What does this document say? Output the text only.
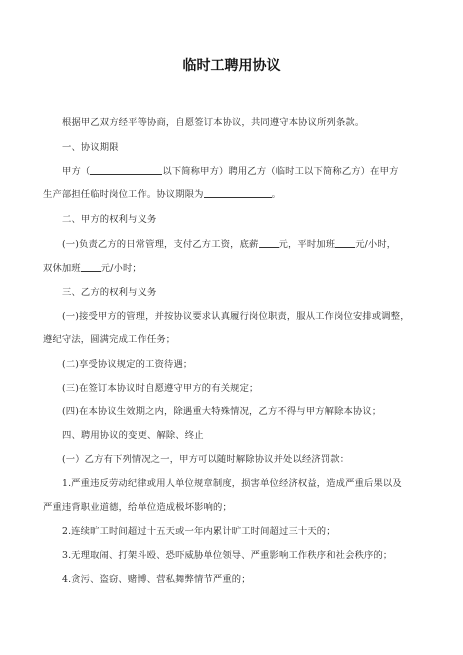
临时工聘用协议
根据甲乙双方经平等协商，自愿签订本协议，共同遵守本协议所列条款。
一、协议期限
甲方（	以下简称甲方）聘用乙方（临时工以下简称乙方）在甲方
生产部担任临时岗位工作。协议期限为	。
二、甲方的权利与义务
(一)负责乙方的日常管理，支付乙方工资，底薪 元，平时加班 元/小时，
双休加班 元/小时；
三、乙方的权利与义务
(一)接受甲方的管理，并按协议要求认真履行岗位职责，服从工作岗位安排或调整，
遵纪守法，圆满完成工作任务；
(二)享受协议规定的工资待遇；
(三)在签订本协议时自愿遵守甲方的有关规定；
(四)在本协议生效期之内，除遇重大特殊情况，乙方不得与甲方解除本协议；
四、聘用协议的变更、解除、终止
(一）乙方有下列情况之一，甲方可以随时解除协议并处以经济罚款：
1.严重违反劳动纪律或用人单位规章制度，损害单位经济权益，造成严重后果以及
严重违背职业道德，给单位造成极坏影响的；
2.连续旷工时间超过十五天或一年内累计旷工时间超过三十天的；
3.无理取闹、打架斗殴、恐吓威胁单位领导、严重影响工作秩序和社会秩序的；
4.贪污、盗窃、赌博、营私舞弊情节严重的；
